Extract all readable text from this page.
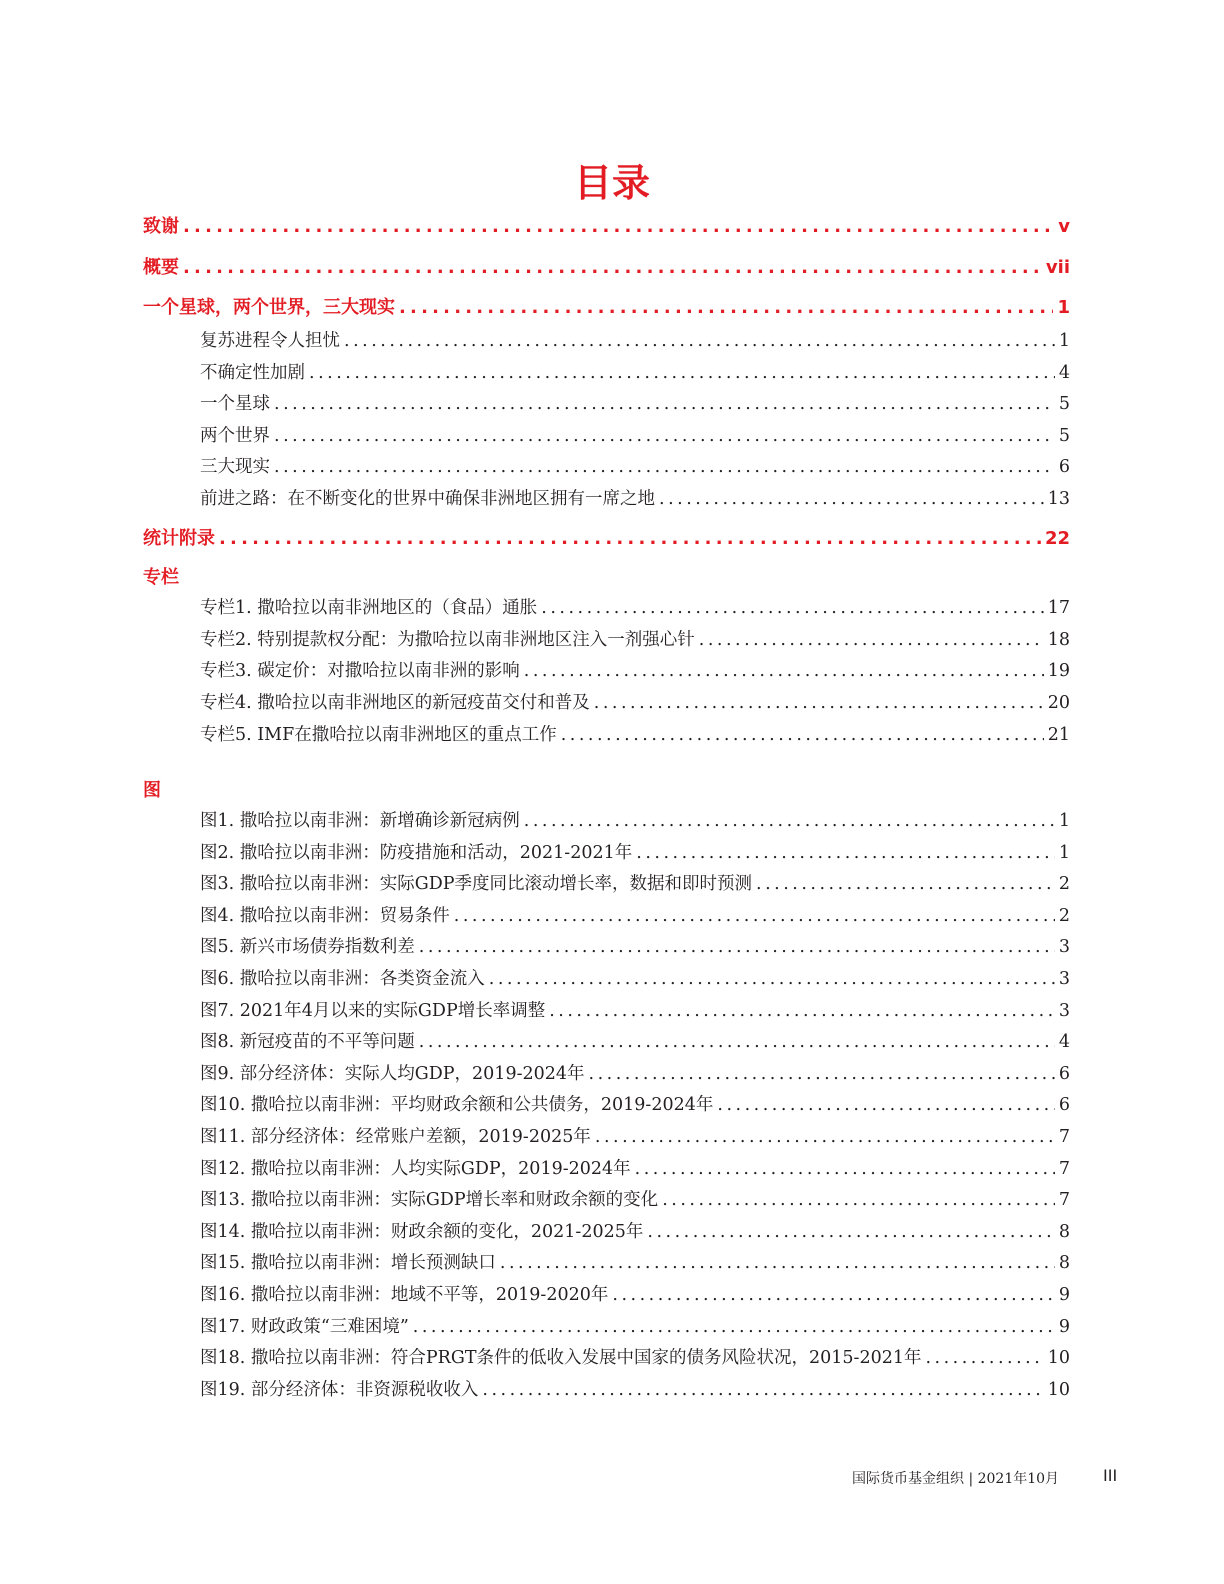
目录
致谢 .....	v
概要 .....	vii
一个星球，两个世界，三大现实 .....	1
复苏进程令人担忧 .....	1
不确定性加剧 .....	4
一个星球 .....	5
两个世界 .....	5
三大现实 .....	6
前进之路：在不断变化的世界中确保非洲地区拥有一席之地 .....	13
统计附录 .....	22
专栏
专栏1. 撒哈拉以南非洲地区的（食品）通胀 .....	17
专栏2. 特别提款权分配：为撒哈拉以南非洲地区注入一剂强心针 .....	18
专栏3. 碳定价：对撒哈拉以南非洲的影响 .....	19
专栏4. 撒哈拉以南非洲地区的新冠疫苗交付和普及 .....	20
专栏5. IMF在撒哈拉以南非洲地区的重点工作 .....	21
图
图1. 撒哈拉以南非洲：新增确诊新冠病例 .....	1
图2. 撒哈拉以南非洲：防疫措施和活动，2021-2021年 .....	1
图3. 撒哈拉以南非洲：实际GDP季度同比滚动增长率，数据和即时预测 .....	2
图4. 撒哈拉以南非洲：贸易条件 .....	2
图5. 新兴市场债券指数利差 .....	3
图6. 撒哈拉以南非洲：各类资金流入 .....	3
图7. 2021年4月以来的实际GDP增长率调整 .....	3
图8. 新冠疫苗的不平等问题 .....	4
图9. 部分经济体：实际人均GDP，2019-2024年 .....	6
图10. 撒哈拉以南非洲：平均财政余额和公共债务，2019-2024年 .....	6
图11. 部分经济体：经常账户差额，2019-2025年 .....	7
图12. 撒哈拉以南非洲：人均实际GDP，2019-2024年 .....	7
图13. 撒哈拉以南非洲：实际GDP增长率和财政余额的变化 .....	7
图14. 撒哈拉以南非洲：财政余额的变化，2021-2025年 .....	8
图15. 撒哈拉以南非洲：增长预测缺口 .....	8
图16. 撒哈拉以南非洲：地域不平等，2019-2020年 .....	9
图17. 财政政策“三难困境” .....	9
图18. 撒哈拉以南非洲：符合PRGT条件的低收入发展中国家的债务风险状况，2015-2021年 .....	10
图19. 部分经济体：非资源税收收入 .....	10
国际货币基金组织 | 2021年10月	III
